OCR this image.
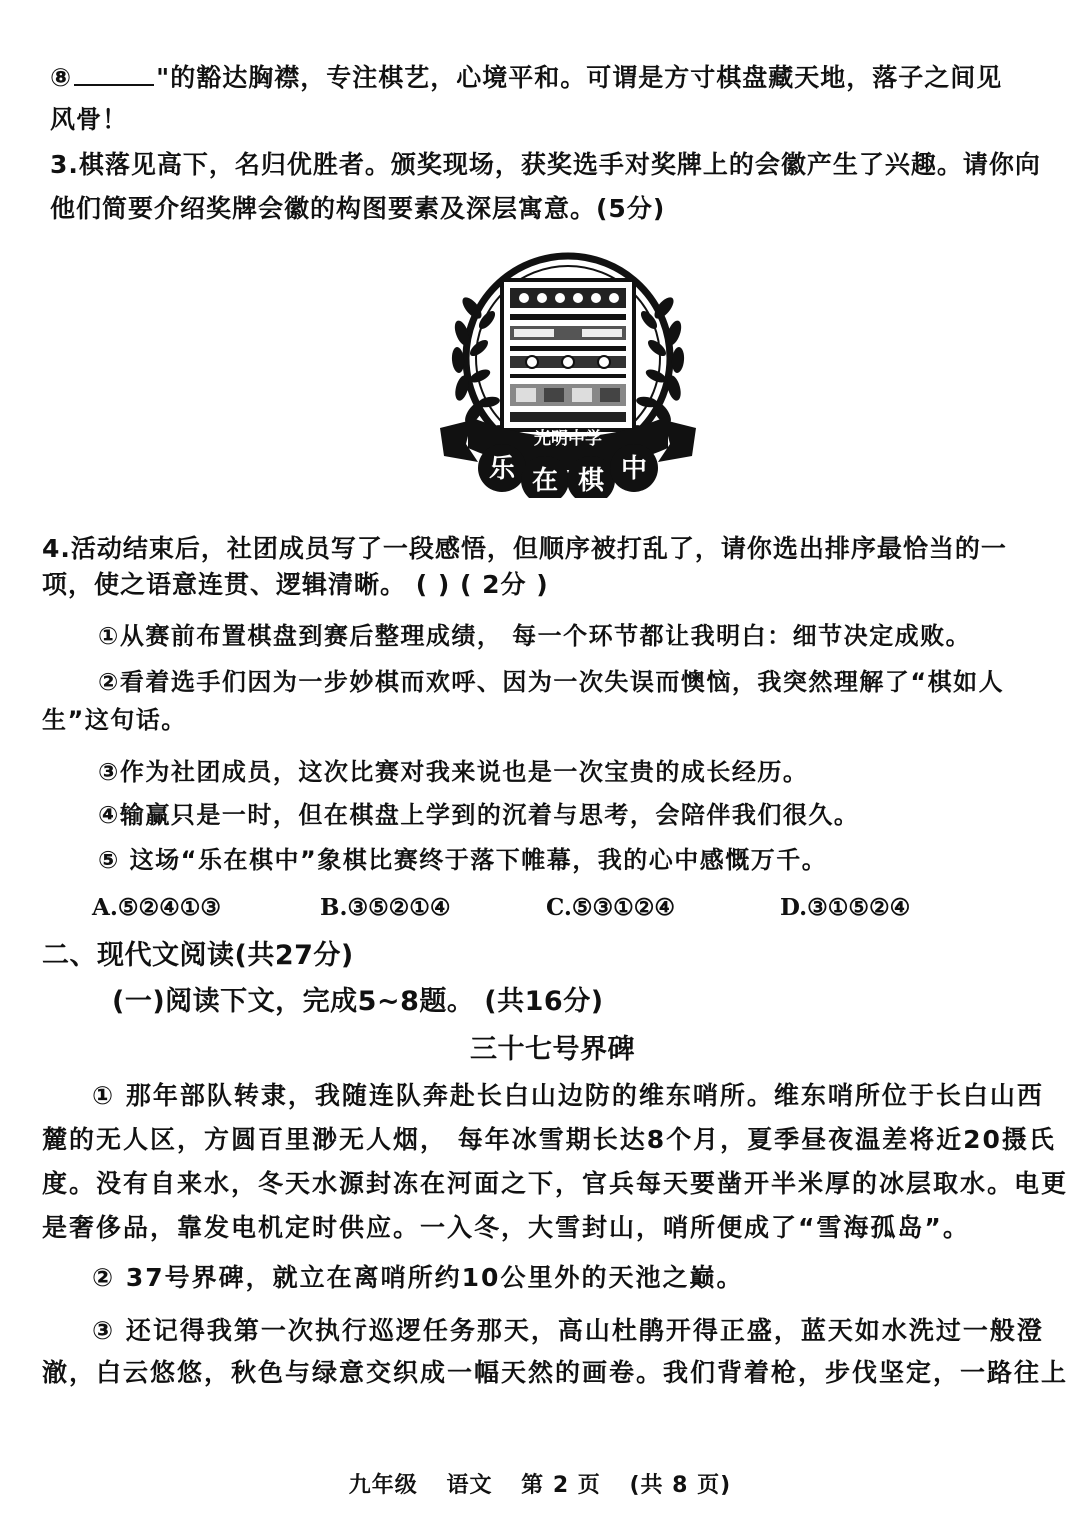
⑧	"的豁达胸襟，专注棋艺，心境平和。可谓是方寸棋盘藏天地，落子之间见
风骨！
3.棋落见高下，名归优胜者。颁奖现场，获奖选手对奖牌上的会徽产生了兴趣。请你向
他们简要介绍奖牌会徽的构图要素及深层寓意。(5分)
光明中学
乐 在 棋 中
4.活动结束后，社团成员写了一段感悟，但顺序被打乱了，请你选出排序最恰当的一
项，使之语意连贯、逻辑清晰。 ( ) ( 2分 )
①从赛前布置棋盘到赛后整理成绩， 每一个环节都让我明白：细节决定成败。
②看着选手们因为一步妙棋而欢呼、因为一次失误而懊恼，我突然理解了“棋如人
生”这句话。
③作为社团成员，这次比赛对我来说也是一次宝贵的成长经历。
④输赢只是一时，但在棋盘上学到的沉着与思考，会陪伴我们很久。
⑤ 这场“乐在棋中”象棋比赛终于落下帷幕，我的心中感慨万千。
A.⑤②④①③	B.③⑤②①④	C.⑤③①②④	D.③①⑤②④
二、现代文阅读(共27分)
(一)阅读下文，完成5~8题。 (共16分)
三十七号界碑
① 那年部队转隶，我随连队奔赴长白山边防的维东哨所。维东哨所位于长白山西
麓的无人区，方圆百里渺无人烟， 每年冰雪期长达8个月，夏季昼夜温差将近20摄氏
度。没有自来水，冬天水源封冻在河面之下，官兵每天要凿开半米厚的冰层取水。电更
是奢侈品，靠发电机定时供应。一入冬，大雪封山，哨所便成了“雪海孤岛”。
② 37号界碑，就立在离哨所约10公里外的天池之巅。
③ 还记得我第一次执行巡逻任务那天，高山杜鹃开得正盛，蓝天如水洗过一般澄
澈，白云悠悠，秋色与绿意交织成一幅天然的画卷。我们背着枪，步伐坚定，一路往上
九年级 语文 第 2 页 (共 8 页)
